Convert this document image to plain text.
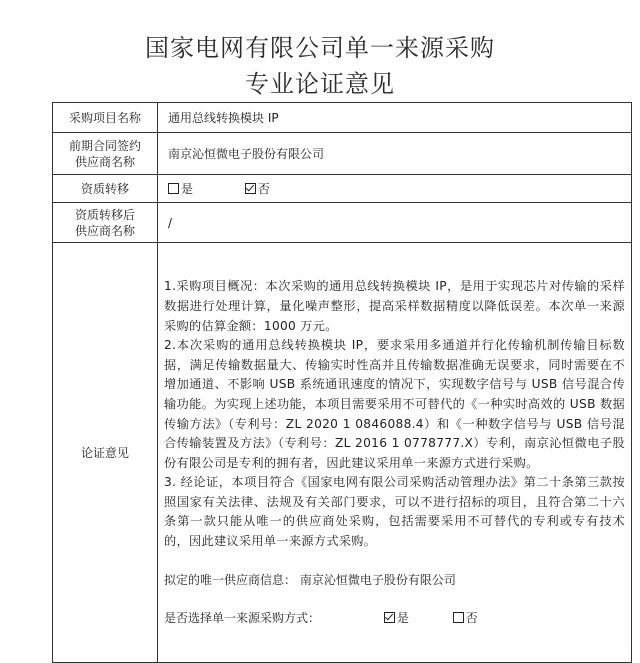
国家电网有限公司单一来源采购
专业论证意见
采购项目名称	通用总线转换模块 IP

前期合同签约
供应商名称	南京沁恒微电子股份有限公司
资质转移	是 否

资质转移后
供应商名称	/
论证意见	1.采购项目概况：本次采购的通用总线转换模块 IP，是用于实现芯片对传输的采样数据进行处理计算，量化噪声整形，提高采样数据精度以降低误差。本次单一来源采购的估算金额：1000 万元。
2.本次采购的通用总线转换模块 IP，要求采用多通道并行化传输机制传输目标数据，满足传输数据量大、传输实时性高并且传输数据准确无误要求，同时需要在不增加通道、不影响 USB 系统通讯速度的情况下，实现数字信号与 USB 信号混合传输功能。为实现上述功能，本项目需要采用不可替代的《一种实时高效的 USB 数据传输方法》（专利号：ZL 2020 1 0846088.4）和《一种数字信号与 USB 信号混合传输装置及方法》（专利号：ZL 2016 1 0778777.X）专利，南京沁恒微电子股份有限公司是专利的拥有者，因此建议采用单一来源方式进行采购。
3. 经论证，本项目符合《国家电网有限公司采购活动管理办法》第二十条第三款按照国家有关法律、法规及有关部门要求，可以不进行招标的项目，且符合第二十六条第一款只能从唯一的供应商处采购，包括需要采用不可替代的专利或专有技术的，因此建议采用单一来源方式采购。
拟定的唯一供应商信息： 南京沁恒微电子股份有限公司
是否选择单一来源采购方式： 是 否
